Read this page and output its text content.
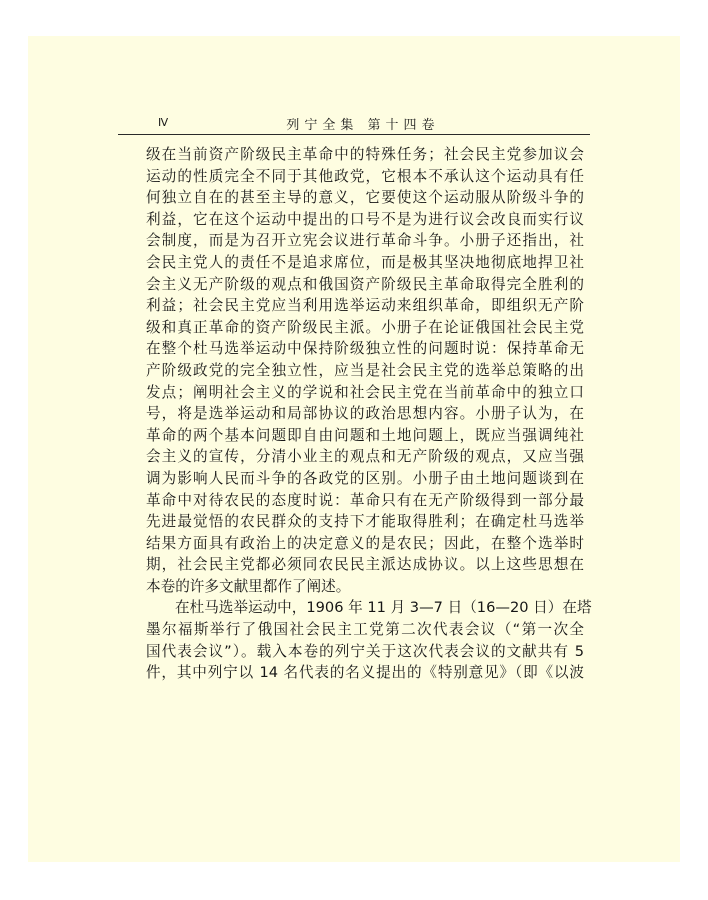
Ⅳ	列宁全集 第十四卷
级在当前资产阶级民主革命中的特殊任务；社会民主党参加议会
运动的性质完全不同于其他政党，它根本不承认这个运动具有任
何独立自在的甚至主导的意义，它要使这个运动服从阶级斗争的
利益，它在这个运动中提出的口号不是为进行议会改良而实行议
会制度，而是为召开立宪会议进行革命斗争。小册子还指出，社
会民主党人的责任不是追求席位，而是极其坚决地彻底地捍卫社
会主义无产阶级的观点和俄国资产阶级民主革命取得完全胜利的
利益；社会民主党应当利用选举运动来组织革命，即组织无产阶
级和真正革命的资产阶级民主派。小册子在论证俄国社会民主党
在整个杜马选举运动中保持阶级独立性的问题时说：保持革命无
产阶级政党的完全独立性，应当是社会民主党的选举总策略的出
发点；阐明社会主义的学说和社会民主党在当前革命中的独立口
号，将是选举运动和局部协议的政治思想内容。小册子认为，在
革命的两个基本问题即自由问题和土地问题上，既应当强调纯社
会主义的宣传，分清小业主的观点和无产阶级的观点，又应当强
调为影响人民而斗争的各政党的区别。小册子由土地问题谈到在
革命中对待农民的态度时说：革命只有在无产阶级得到一部分最
先进最觉悟的农民群众的支持下才能取得胜利；在确定杜马选举
结果方面具有政治上的决定意义的是农民；因此，在整个选举时
期，社会民主党都必须同农民民主派达成协议。以上这些思想在
本卷的许多文献里都作了阐述。
在杜马选举运动中，1906 年 11 月 3—7 日（16—20 日）在塔
墨尔福斯举行了俄国社会民主工党第二次代表会议（“第一次全
国代表会议”）。载入本卷的列宁关于这次代表会议的文献共有 5
件，其中列宁以 14 名代表的名义提出的《特别意见》（即《以波
